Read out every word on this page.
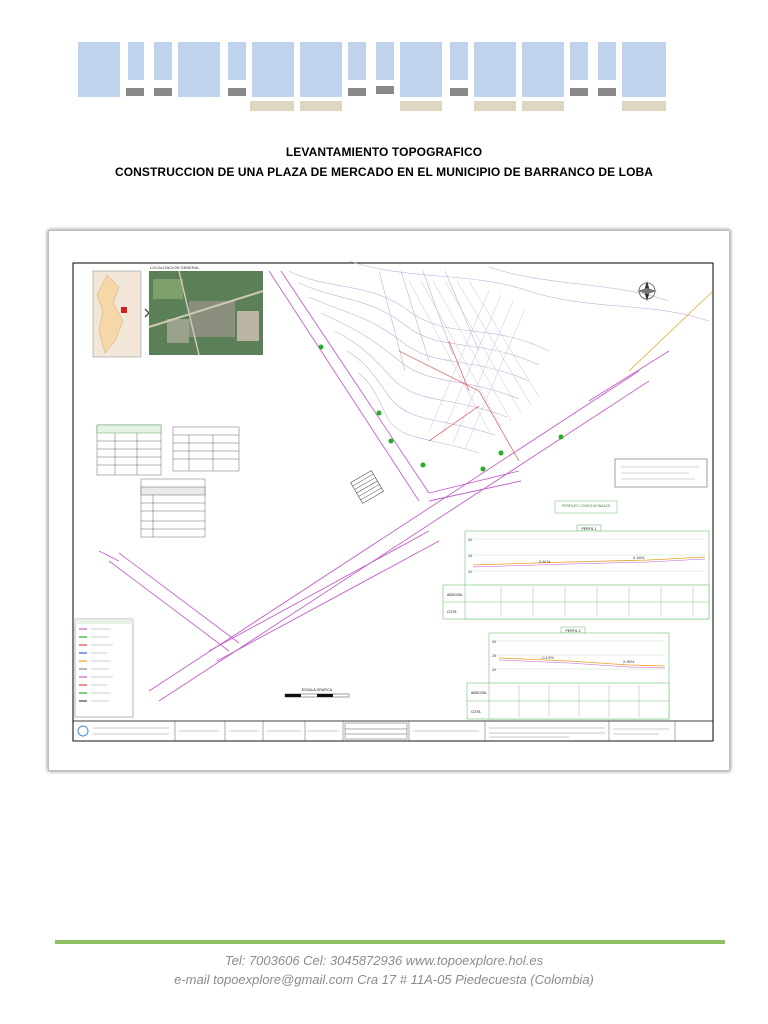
LEVANTAMIENTO TOPOGRAFICO
CONSTRUCCION DE UNA PLAZA DE MERCADO EN EL MUNICIPIO DE BARRANCO DE LOBA
LOCALIZACION GENERAL
PERFILES LONGITUDINALES
PERFIL 1
0.61%
0.16%
30
25
20
ABSCISA
COTA
PERFIL 2
-0.13%
2.95%
30
25
20
ABSCISA
COTA
ESCALA GRAFICA
Tel: 7003606 Cel: 3045872936 www.topoexplore.hol.es
e-mail topoexplore@gmail.com Cra 17 # 11A-05 Piedecuesta (Colombia)
